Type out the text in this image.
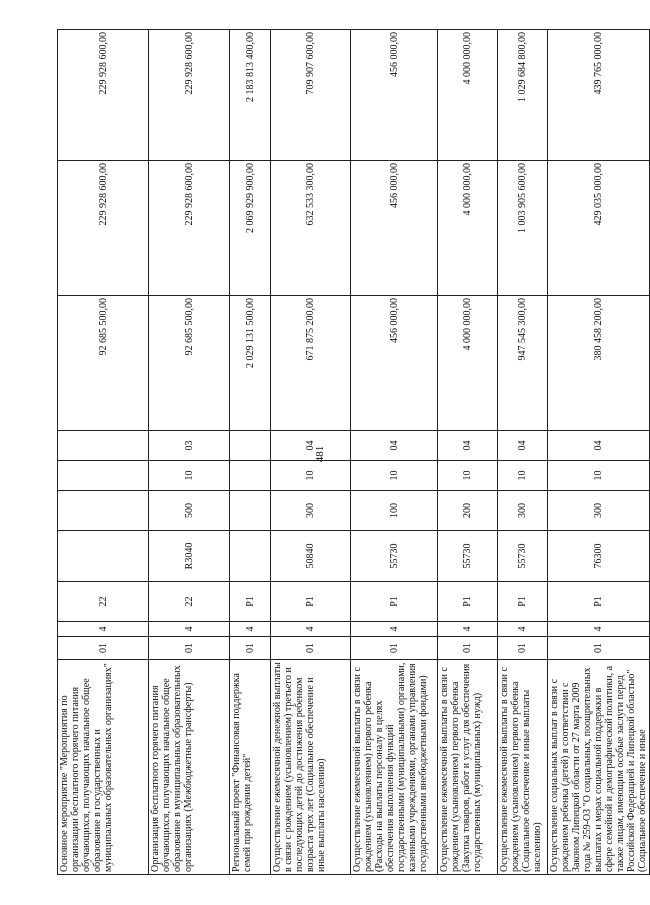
481
Основное мероприятие "Мероприятия по организации бесплатного горячего питания обучающихся, получающих начальное общее образование в государственных и муниципальных образовательных организациях"	01	4	22					92 685 500,00	229 928 600,00	229 928 600,00
Организация бесплатного горячего питания обучающихся, получающих начальное общее образование в муниципальных образовательных организациях (Межбюджетные трансферты)	01	4	22	R3040	500	10	03	92 685 500,00	229 928 600,00	229 928 600,00
Региональный проект "Финансовая поддержка семей при рождении детей"	01	4	P1					2 029 131 500,00	2 069 929 900,00	2 183 813 400,00
Осуществление ежемесячной денежной выплаты в связи с рождением (усыновлением) третьего и последующих детей до достижения ребенком возраста трех лет (Социальное обеспечение и иные выплаты населению)	01	4	P1	50840	300	10	04	671 875 200,00	632 533 300,00	709 907 600,00
Осуществление ежемесячной выплаты в связи с рождением (усыновлением) первого ребенка (Расходы на выплаты персоналу в целях обеспечения выполнения функций государственными (муниципальными) органами, казенными учреждениями, органами управления государственными внебюджетными фондами)	01	4	P1	55730	100	10	04	456 000,00	456 000,00	456 000,00
Осуществление ежемесячной выплаты в связи с рождением (усыновлением) первого ребенка (Закупка товаров, работ и услуг для обеспечения государственных (муниципальных) нужд)	01	4	P1	55730	200	10	04	4 000 000,00	4 000 000,00	4 000 000,00
Осуществление ежемесячной выплаты в связи с рождением (усыновлением) первого ребенка (Социальное обеспечение и иные выплаты населению)	01	4	P1	55730	300	10	04	947 545 300,00	1 003 905 600,00	1 029 684 800,00
Осуществление социальных выплат в связи с рождением ребенка (детей) в соответствии с Законом Липецкой области от 27 марта 2009 года № 259-ОЗ "О социальных, поощрительных выплатах и мерах социальной поддержки в сфере семейной и демографической политики, а также лицам, имеющим особые заслуги перед Российской Федерацией и Липецкой областью" (Социальное обеспечение и иные	01	4	P1	76300	300	10	04	380 458 200,00	429 035 000,00	439 765 000,00
